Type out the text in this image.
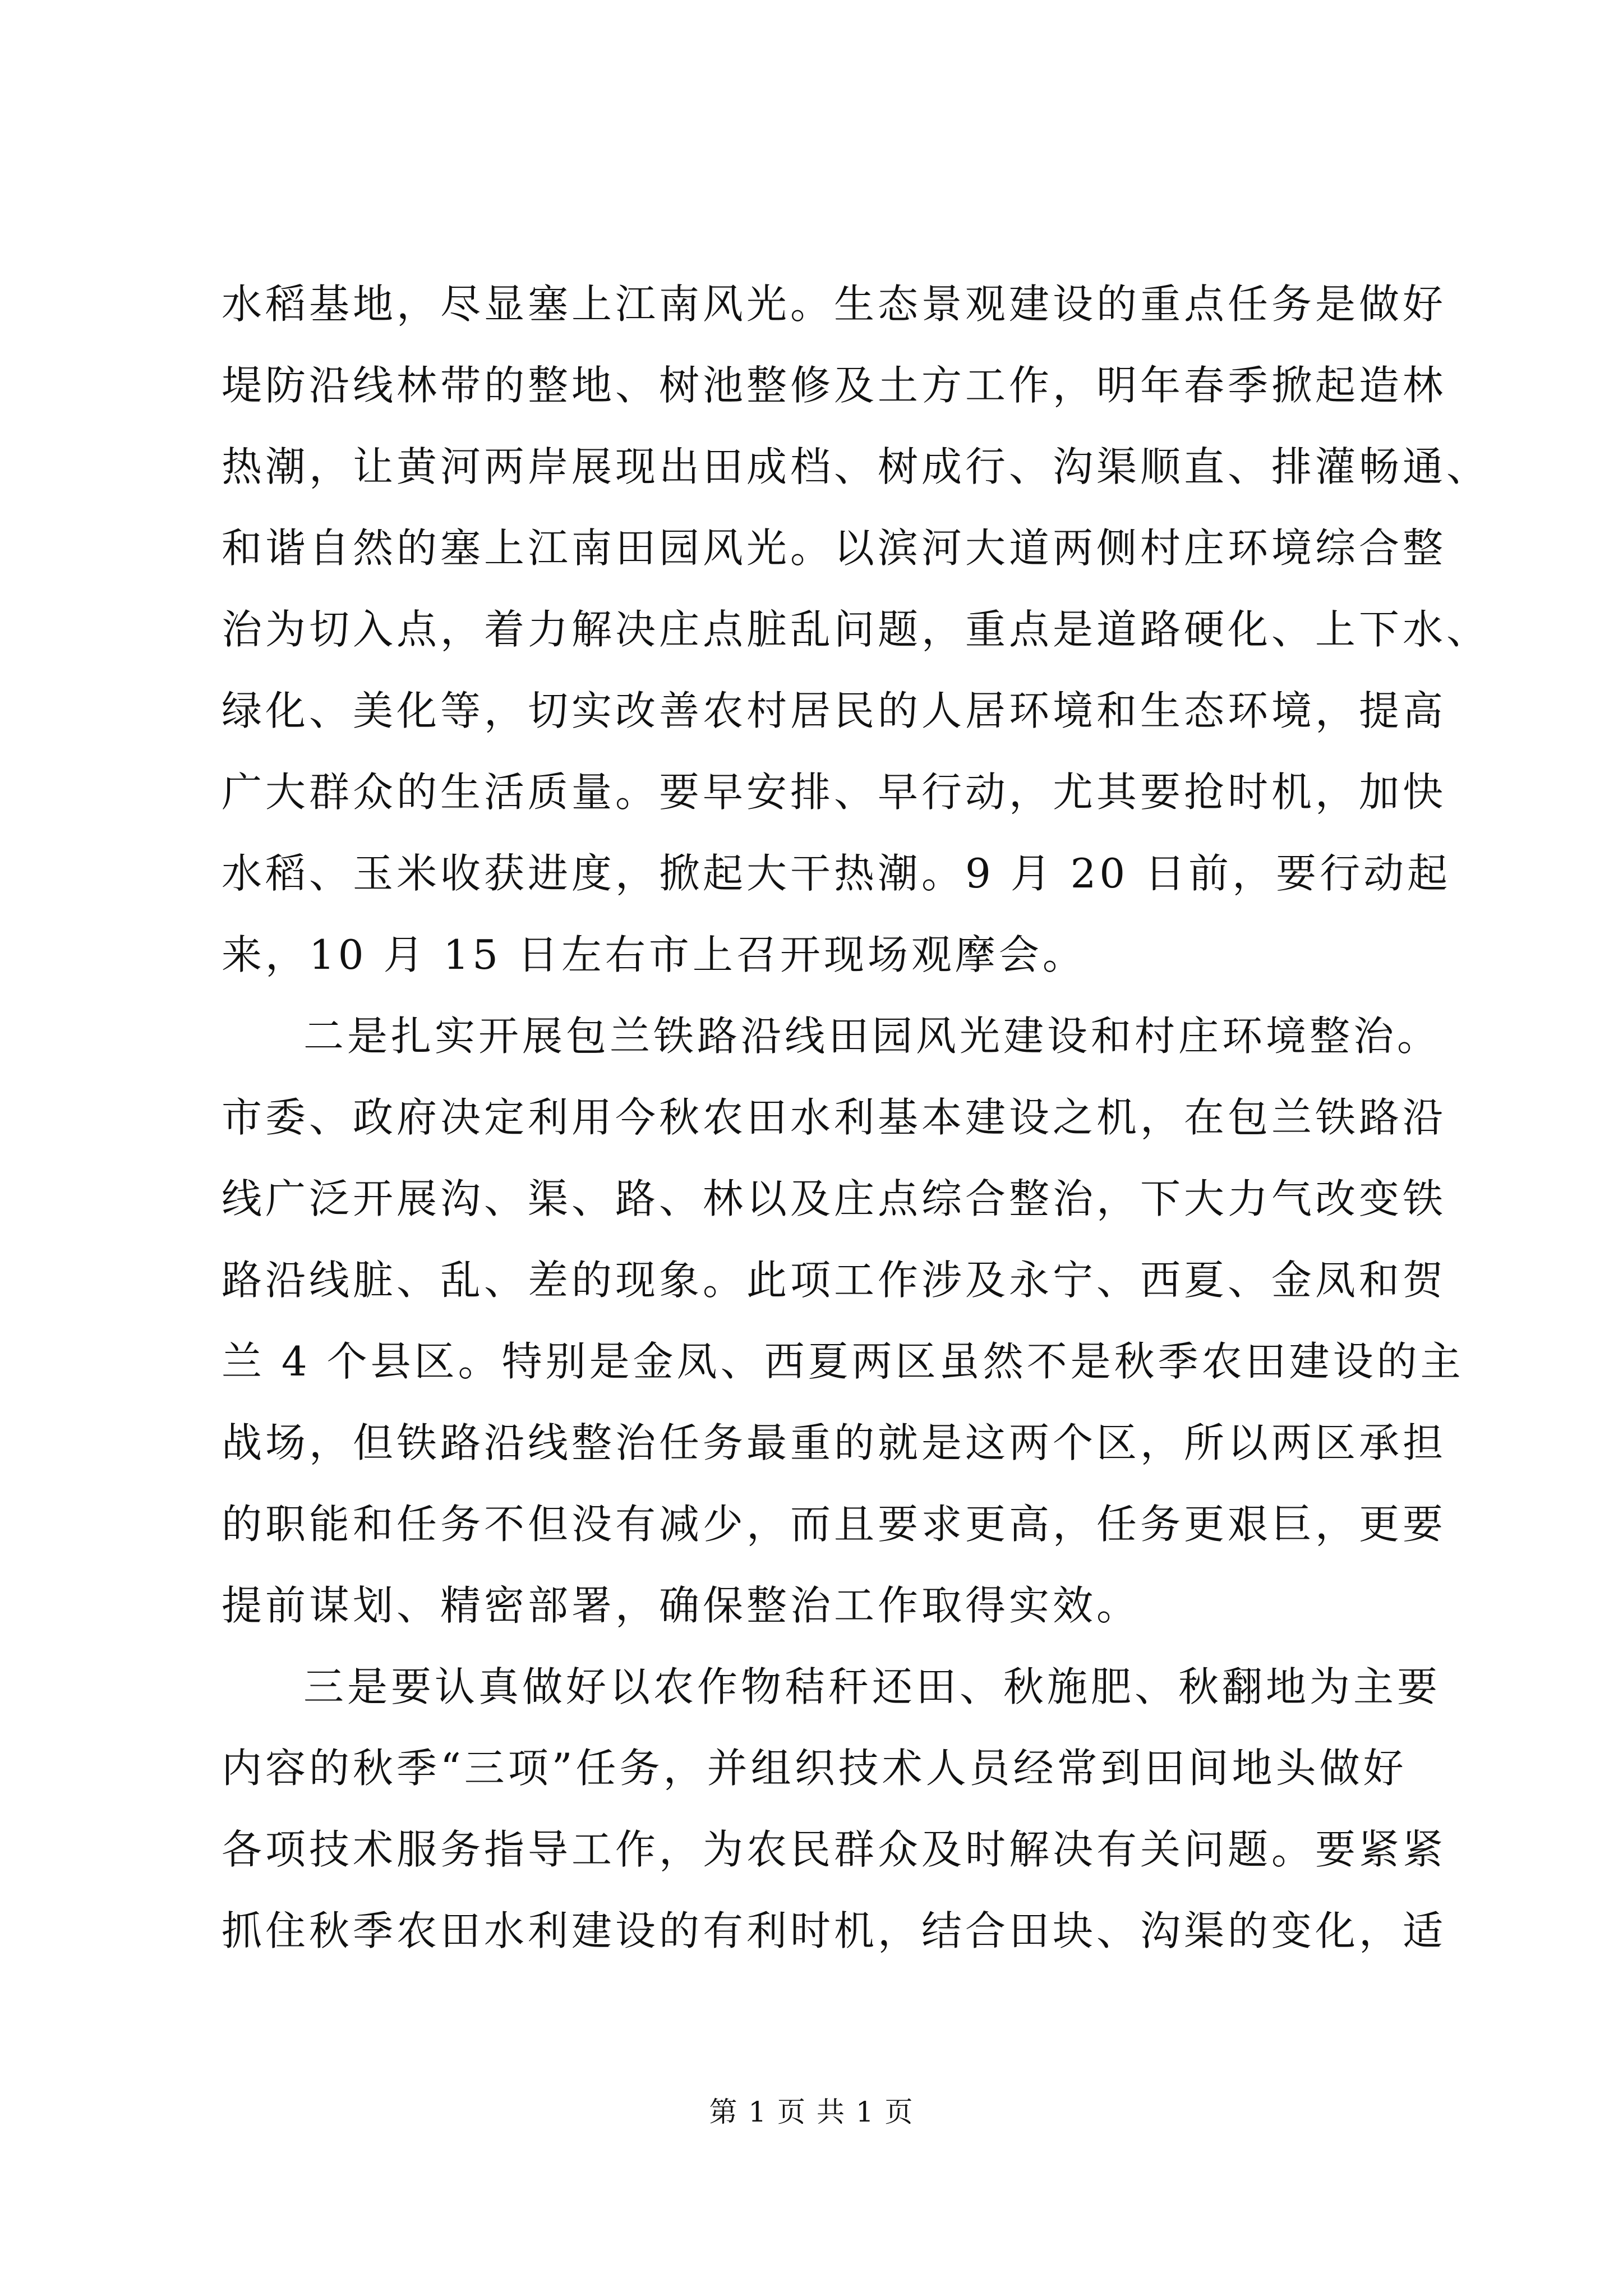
水稻基地，尽显塞上江南风光。生态景观建设的重点任务是做好
堤防沿线林带的整地、树池整修及土方工作，明年春季掀起造林
热潮，让黄河两岸展现出田成档、树成行、沟渠顺直、排灌畅通、
和谐自然的塞上江南田园风光。以滨河大道两侧村庄环境综合整
治为切入点，着力解决庄点脏乱问题，重点是道路硬化、上下水、
绿化、美化等，切实改善农村居民的人居环境和生态环境，提高
广大群众的生活质量。要早安排、早行动，尤其要抢时机，加快
水稻、玉米收获进度，掀起大干热潮。9 月 20 日前，要行动起
来，10 月 15 日左右市上召开现场观摩会。
二是扎实开展包兰铁路沿线田园风光建设和村庄环境整治。
市委、政府决定利用今秋农田水利基本建设之机，在包兰铁路沿
线广泛开展沟、渠、路、林以及庄点综合整治，下大力气改变铁
路沿线脏、乱、差的现象。此项工作涉及永宁、西夏、金凤和贺
兰 4 个县区。特别是金凤、西夏两区虽然不是秋季农田建设的主
战场，但铁路沿线整治任务最重的就是这两个区，所以两区承担
的职能和任务不但没有减少，而且要求更高，任务更艰巨，更要
提前谋划、精密部署，确保整治工作取得实效。
三是要认真做好以农作物秸秆还田、秋施肥、秋翻地为主要
内容的秋季“三项”任务，并组织技术人员经常到田间地头做好
各项技术服务指导工作，为农民群众及时解决有关问题。要紧紧
抓住秋季农田水利建设的有利时机，结合田块、沟渠的变化，适
第 1 页 共 1 页
